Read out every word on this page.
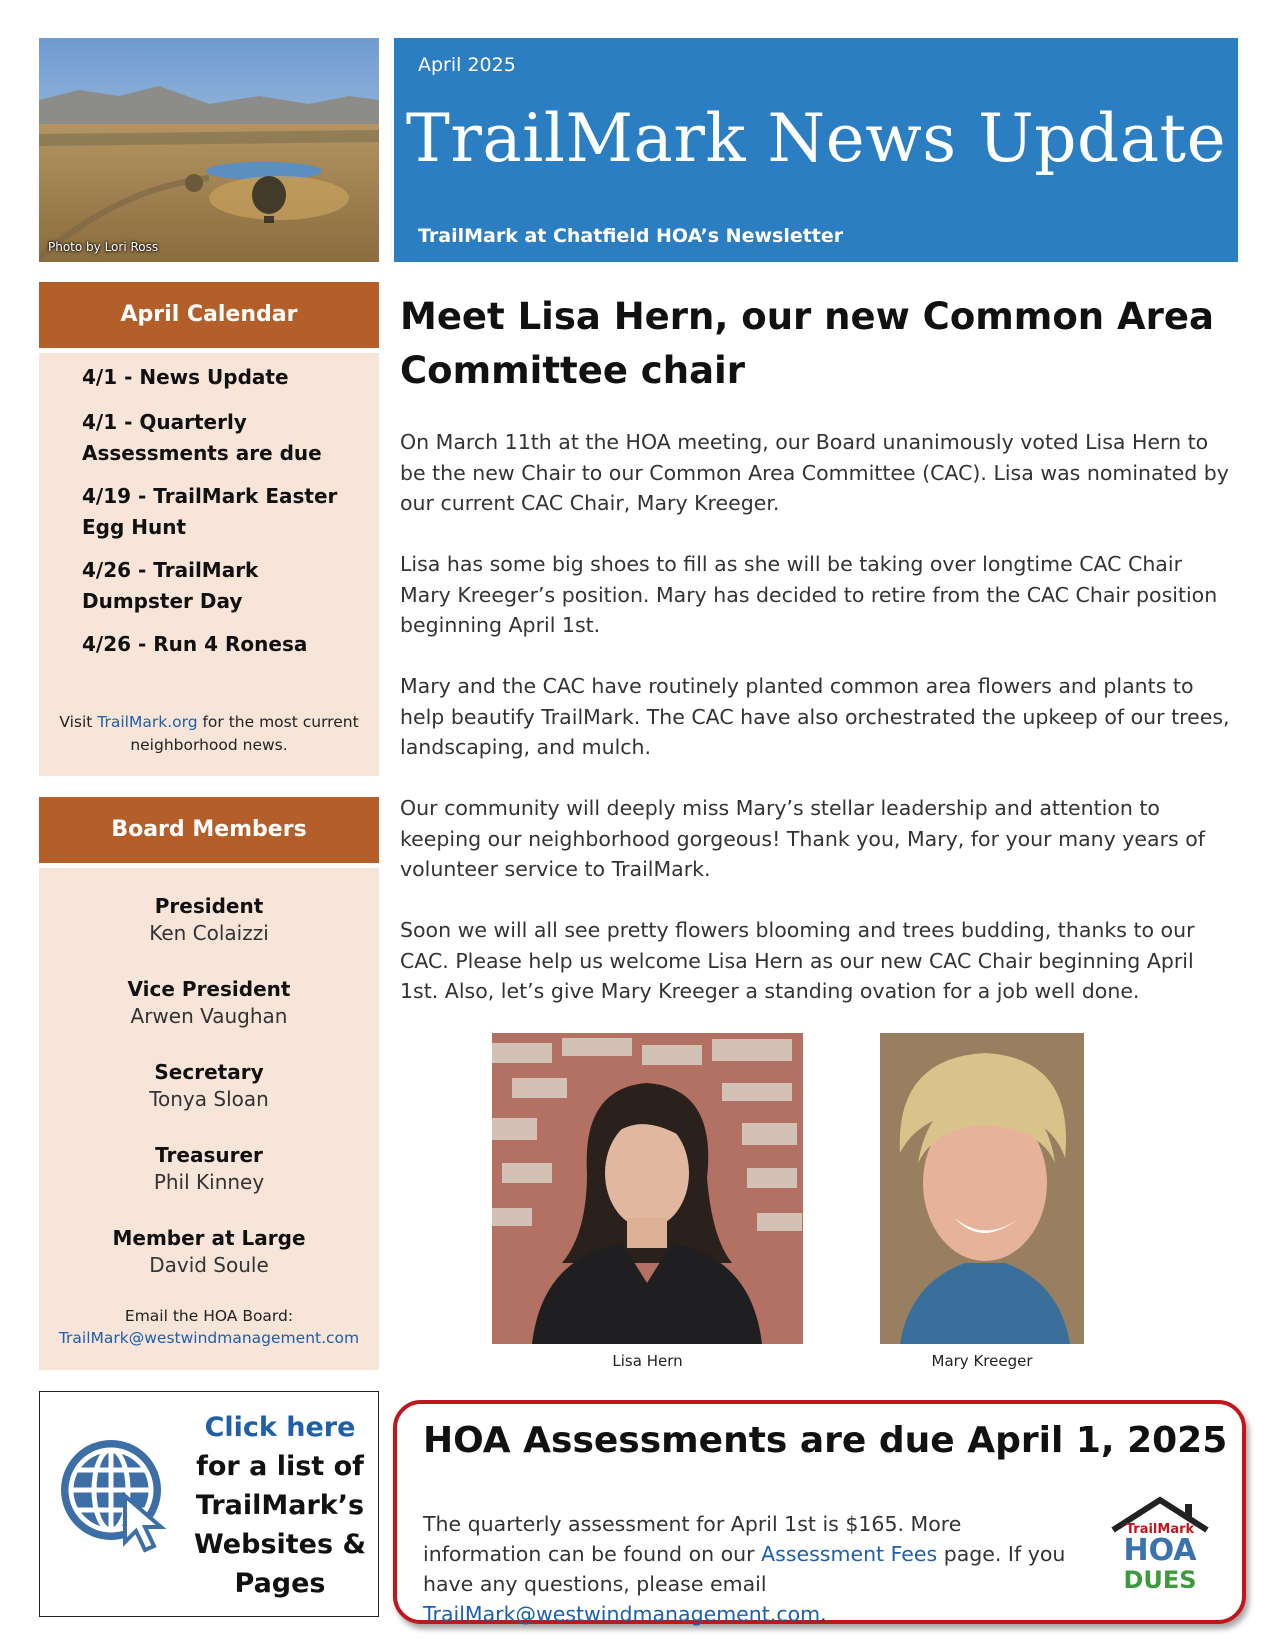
Photo by Lori Ross
April 2025
TrailMark News Update
TrailMark at Chatfield HOA’s Newsletter
April Calendar
4/1 - News Update
4/1 - Quarterly Assessments are due
4/19 - TrailMark Easter Egg Hunt
4/26 - TrailMark Dumpster Day
4/26 - Run 4 Ronesa
Visit TrailMark.org for the most current neighborhood news.
Board Members
President
Ken Colaizzi
Vice President
Arwen Vaughan
Secretary
Tonya Sloan
Treasurer
Phil Kinney
Member at Large
David Soule
Email the HOA Board:
TrailMark@westwindmanagement.com
Click here
for a list of
TrailMark’s
Websites &
Pages
Meet Lisa Hern, our new Common Area Committee chair
On March 11th at the HOA meeting, our Board unanimously voted Lisa Hern to be the new Chair to our Common Area Committee (CAC). Lisa was nominated by our current CAC Chair, Mary Kreeger.
Lisa has some big shoes to fill as she will be taking over longtime CAC Chair Mary Kreeger’s position. Mary has decided to retire from the CAC Chair position beginning April 1st.
Mary and the CAC have routinely planted common area flowers and plants to help beautify TrailMark. The CAC have also orchestrated the upkeep of our trees, landscaping, and mulch.
Our community will deeply miss Mary’s stellar leadership and attention to keeping our neighborhood gorgeous! Thank you, Mary, for your many years of volunteer service to TrailMark.
Soon we will all see pretty flowers blooming and trees budding, thanks to our CAC. Please help us welcome Lisa Hern as our new CAC Chair beginning April 1st. Also, let’s give Mary Kreeger a standing ovation for a job well done.
Lisa Hern	Mary Kreeger
HOA Assessments are due April 1, 2025
The quarterly assessment for April 1st is $165. More information can be found on our Assessment Fees page. If you have any questions, please email TrailMark@westwindmanagement.com.
TrailMark
HOA
DUES
